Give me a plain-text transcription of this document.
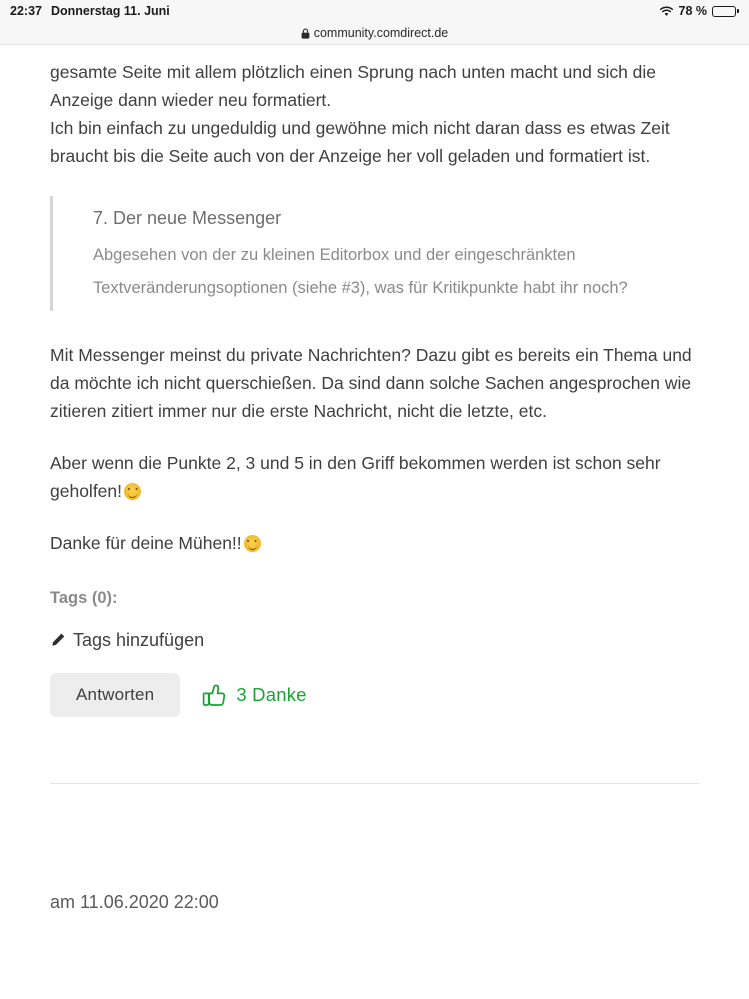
22:37 Donnerstag 11. Juni	78 %
community.comdirect.de

gesamte Seite mit allem plötzlich einen Sprung nach unten macht und sich die Anzeige dann wieder neu formatiert.

Ich bin einfach zu ungeduldig und gewöhne mich nicht daran dass es etwas Zeit braucht bis die Seite auch von der Anzeige her voll geladen und formatiert ist.

7. Der neue Messenger

Abgesehen von der zu kleinen Editorbox und der eingeschränkten Textveränderungsoptionen (siehe #3), was für Kritikpunkte habt ihr noch?

Mit Messenger meinst du private Nachrichten? Dazu gibt es bereits ein Thema und da möchte ich nicht querschießen. Da sind dann solche Sachen angesprochen wie zitieren zitiert immer nur die erste Nachricht, nicht die letzte, etc.

Aber wenn die Punkte 2, 3 und 5 in den Griff bekommen werden ist schon sehr geholfen!

Danke für deine Mühen!!

Tags (0):

Tags hinzufügen
Antworten	3 Danke
am 11.06.2020 22:00
